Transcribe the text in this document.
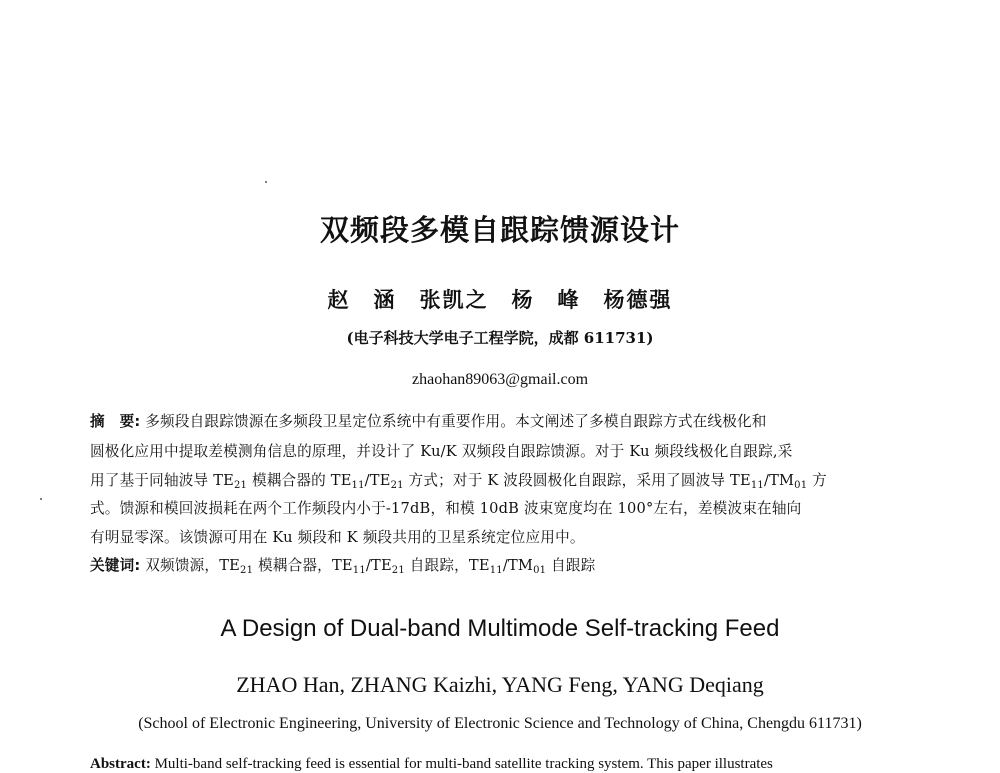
双频段多模自跟踪馈源设计
赵　涵　张凯之　杨　峰　杨德强
(电子科技大学电子工程学院，成都 611731)
zhaohan89063@gmail.com
摘　要: 多频段自跟踪馈源在多频段卫星定位系统中有重要作用。本文阐述了多模自跟踪方式在线极化和
圆极化应用中提取差模测角信息的原理，并设计了 Ku/K 双频段自跟踪馈源。对于 Ku 频段线极化自跟踪,采
用了基于同轴波导 $TE_{21}$ 模耦合器的 $TE_{11}/TE_{21}$ 方式；对于 K 波段圆极化自跟踪，采用了圆波导 $TE_{11}/TM_{01}$ 方
式。馈源和模回波损耗在两个工作频段内小于-17dB，和模 10dB 波束宽度均在 100°左右，差模波束在轴向
有明显零深。该馈源可用在 Ku 频段和 K 频段共用的卫星系统定位应用中。
关键词: 双频馈源，$TE_{21}$ 模耦合器，$TE_{11}/TE_{21}$ 自跟踪，$TE_{11}/TM_{01}$ 自跟踪
A Design of Dual-band Multimode Self-tracking Feed
ZHAO Han, ZHANG Kaizhi, YANG Feng, YANG Deqiang
(School of Electronic Engineering, University of Electronic Science and Technology of China, Chengdu 611731)
Abstract: Multi-band self-tracking feed is essential for multi-band satellite tracking system. This paper illustrates
